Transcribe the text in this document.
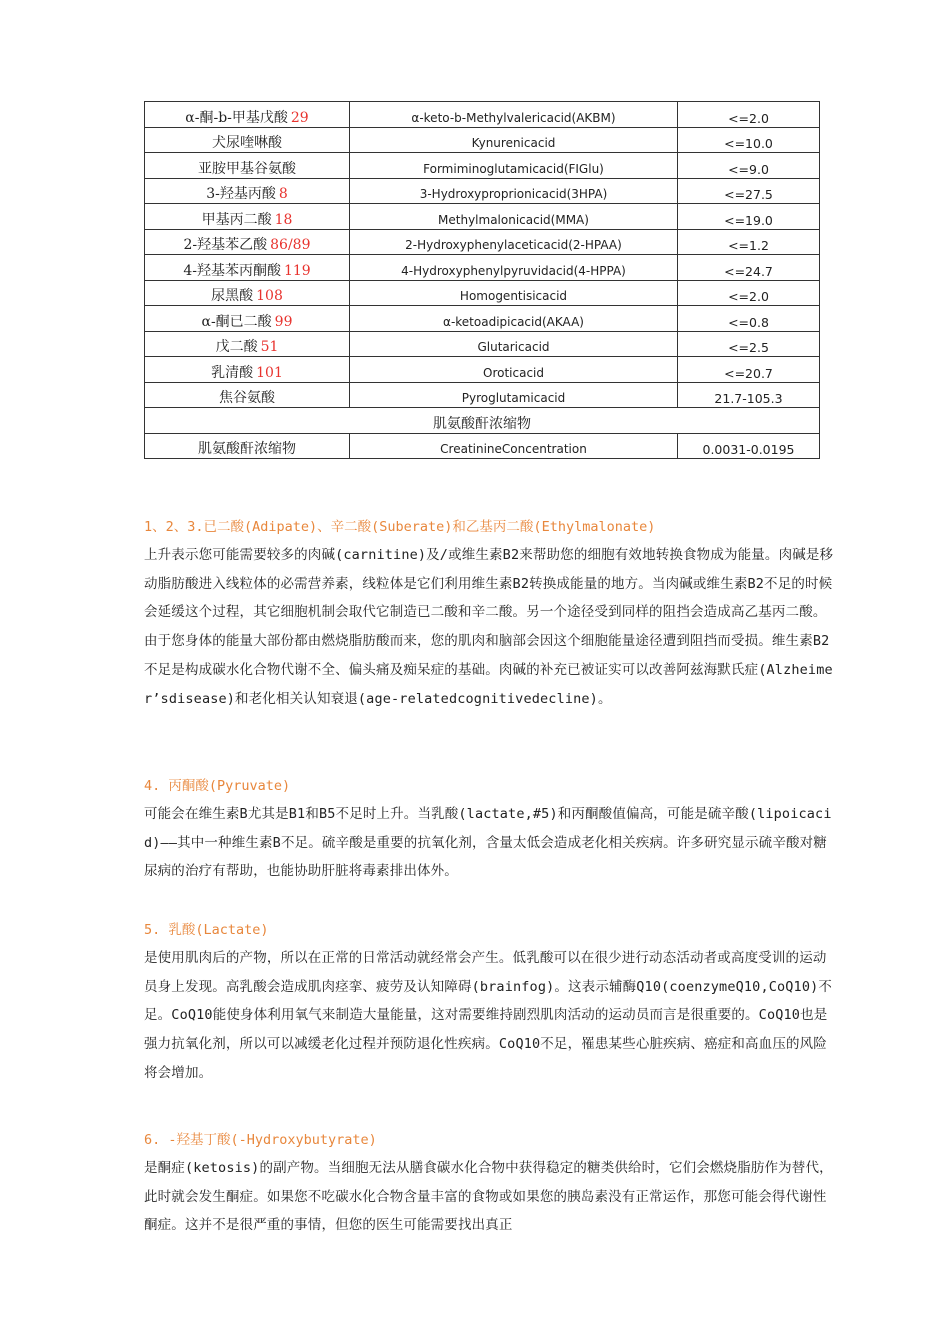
α-酮-b-甲基戊酸 29	α-keto-b-Methylvalericacid(AKBM)	<=2.0
犬尿喹啉酸	Kynurenicacid	<=10.0
亚胺甲基谷氨酸	Formiminoglutamicacid(FIGlu)	<=9.0
3-羟基丙酸 8	3-Hydroxyproprionicacid(3HPA)	<=27.5
甲基丙二酸 18	Methylmalonicacid(MMA)	<=19.0
2-羟基苯乙酸 86/89	2-Hydroxyphenylaceticacid(2-HPAA)	<=1.2
4-羟基苯丙酮酸 119	4-Hydroxyphenylpyruvidacid(4-HPPA)	<=24.7
尿黑酸 108	Homogentisicacid	<=2.0
α-酮已二酸 99	α-ketoadipicacid(AKAA)	<=0.8
戊二酸 51	Glutaricacid	<=2.5
乳清酸 101	Oroticacid	<=20.7
焦谷氨酸	Pyroglutamicacid	21.7-105.3
肌氨酸酐浓缩物		
肌氨酸酐浓缩物	CreatinineConcentration	0.0031-0.0195
1、2、3.已二酸(Adipate)、辛二酸(Suberate)和乙基丙二酸(Ethylmalonate)
上升表示您可能需要较多的肉碱(carnitine)及/或维生素B2来帮助您的细胞有效地转换食物成为能量。肉碱是移动脂肪酸进入线粒体的必需营养素，线粒体是它们利用维生素B2转换成能量的地方。当肉碱或维生素B2不足的时候会延缓这个过程，其它细胞机制会取代它制造已二酸和辛二酸。另一个途径受到同样的阻挡会造成高乙基丙二酸。由于您身体的能量大部份都由燃烧脂肪酸而来，您的肌肉和脑部会因这个细胞能量途径遭到阻挡而受损。维生素B2不足是构成碳水化合物代谢不全、偏头痛及痴呆症的基础。肉碱的补充已被证实可以改善阿兹海默氏症(Alzheimer’sdisease)和老化相关认知衰退(age-relatedcognitivedecline)。
4. 丙酮酸(Pyruvate)
可能会在维生素B尤其是B1和B5不足时上升。当乳酸(lactate,#5)和丙酮酸值偏高，可能是硫辛酸(lipoicacid)——其中一种维生素B不足。硫辛酸是重要的抗氧化剂，含量太低会造成老化相关疾病。许多研究显示硫辛酸对糖尿病的治疗有帮助，也能协助肝脏将毒素排出体外。
5. 乳酸(Lactate)
是使用肌肉后的产物，所以在正常的日常活动就经常会产生。低乳酸可以在很少进行动态活动者或高度受训的运动员身上发现。高乳酸会造成肌肉痉挛、疲劳及认知障碍(brainfog)。这表示辅酶Q10(coenzymeQ10,CoQ10)不足。CoQ10能使身体利用氧气来制造大量能量，这对需要维持剧烈肌肉活动的运动员而言是很重要的。CoQ10也是强力抗氧化剂，所以可以减缓老化过程并预防退化性疾病。CoQ10不足，罹患某些心脏疾病、癌症和高血压的风险将会增加。
6. -羟基丁酸(-Hydroxybutyrate)
是酮症(ketosis)的副产物。当细胞无法从膳食碳水化合物中获得稳定的糖类供给时，它们会燃烧脂肪作为替代，此时就会发生酮症。如果您不吃碳水化合物含量丰富的食物或如果您的胰岛素没有正常运作，那您可能会得代谢性酮症。这并不是很严重的事情，但您的医生可能需要找出真正
